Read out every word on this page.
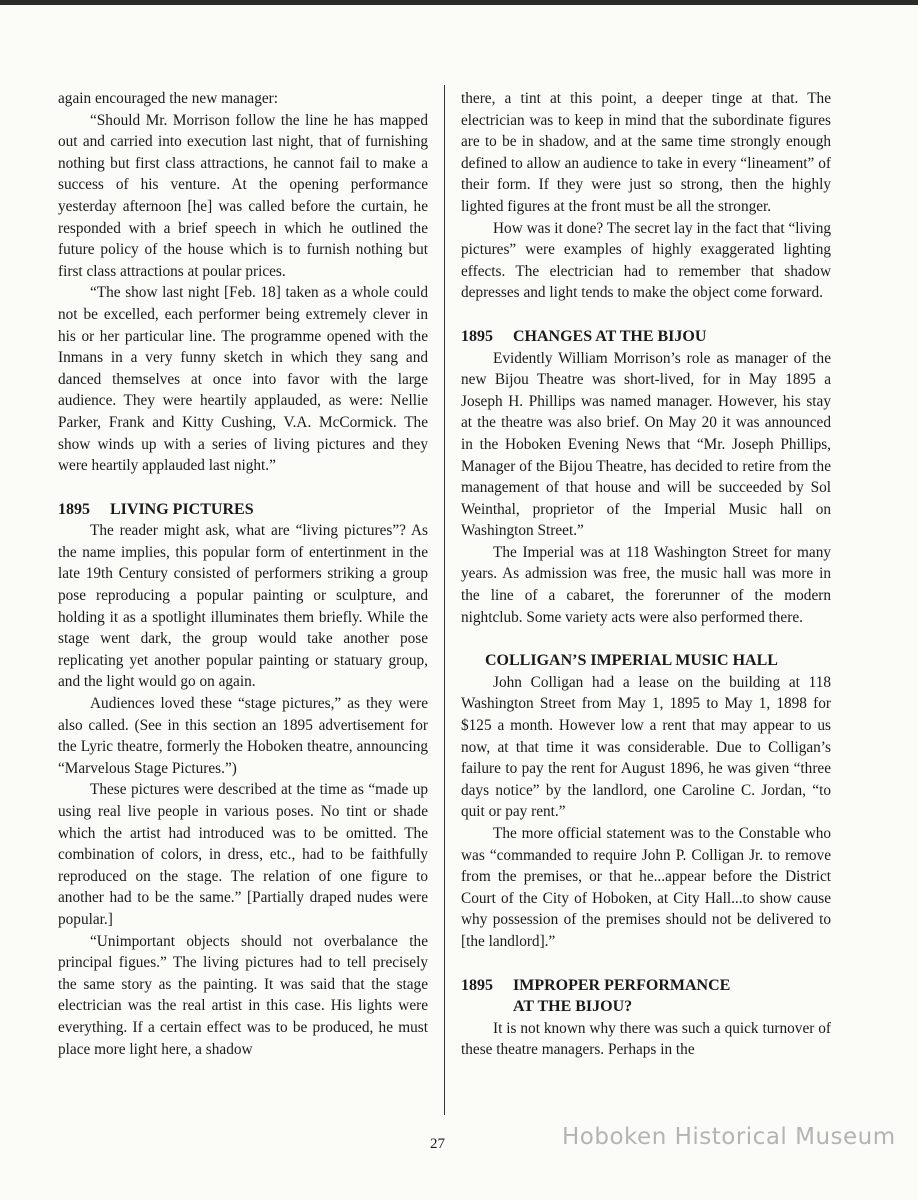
again encouraged the new manager:

“Should Mr. Morrison follow the line he has mapped out and carried into execution last night, that of furnishing nothing but first class attractions, he cannot fail to make a success of his venture. At the opening performance yesterday afternoon [he] was called before the curtain, he responded with a brief speech in which he outlined the future policy of the house which is to furnish nothing but first class attractions at poular prices.

“The show last night [Feb. 18] taken as a whole could not be excelled, each performer being extremely clever in his or her particular line. The programme opened with the Inmans in a very funny sketch in which they sang and danced themselves at once into favor with the large audience. They were heartily applauded, as were: Nellie Parker, Frank and Kitty Cushing, V.A. McCormick. The show winds up with a series of living pictures and they were heartily applauded last night.”

1895 LIVING PICTURES

The reader might ask, what are “living pictures”? As the name implies, this popular form of entertinment in the late 19th Century consisted of performers striking a group pose reproducing a popular painting or sculpture, and holding it as a spotlight illuminates them briefly. While the stage went dark, the group would take another pose replicating yet another popular painting or statuary group, and the light would go on again.

Audiences loved these “stage pictures,” as they were also called. (See in this section an 1895 advertisement for the Lyric theatre, formerly the Hoboken theatre, announcing “Marvelous Stage Pictures.”)

These pictures were described at the time as “made up using real live people in various poses. No tint or shade which the artist had introduced was to be omitted. The combination of colors, in dress, etc., had to be faithfully reproduced on the stage. The relation of one figure to another had to be the same.” [Partially draped nudes were popular.]

“Unimportant objects should not overbalance the principal figues.” The living pictures had to tell precisely the same story as the painting. It was said that the stage electrician was the real artist in this case. His lights were everything. If a certain effect was to be produced, he must place more light here, a shadow

there, a tint at this point, a deeper tinge at that. The electrician was to keep in mind that the subordinate figures are to be in shadow, and at the same time strongly enough defined to allow an audience to take in every “lineament” of their form. If they were just so strong, then the highly lighted figures at the front must be all the stronger.

How was it done? The secret lay in the fact that “living pictures” were examples of highly exaggerated lighting effects. The electrician had to remember that shadow depresses and light tends to make the object come forward.

1895 CHANGES AT THE BIJOU

Evidently William Morrison’s role as manager of the new Bijou Theatre was short-lived, for in May 1895 a Joseph H. Phillips was named manager. However, his stay at the theatre was also brief. On May 20 it was announced in the Hoboken Evening News that “Mr. Joseph Phillips, Manager of the Bijou Theatre, has decided to retire from the management of that house and will be succeeded by Sol Weinthal, proprietor of the Imperial Music hall on Washington Street.”

The Imperial was at 118 Washington Street for many years. As admission was free, the music hall was more in the line of a cabaret, the forerunner of the modern nightclub. Some variety acts were also performed there.

COLLIGAN’S IMPERIAL MUSIC HALL

John Colligan had a lease on the building at 118 Washington Street from May 1, 1895 to May 1, 1898 for $125 a month. However low a rent that may appear to us now, at that time it was considerable. Due to Colligan’s failure to pay the rent for August 1896, he was given “three days notice” by the landlord, one Caroline C. Jordan, “to quit or pay rent.”

The more official statement was to the Constable who was “commanded to require John P. Colligan Jr. to remove from the premises, or that he...appear before the District Court of the City of Hoboken, at City Hall...to show cause why possession of the premises should not be delivered to [the landlord].”

1895	IMPROPER PERFORMANCE
AT THE BIJOU?

It is not known why there was such a quick turnover of these theatre managers. Perhaps in the

27	Hoboken Historical Museum
